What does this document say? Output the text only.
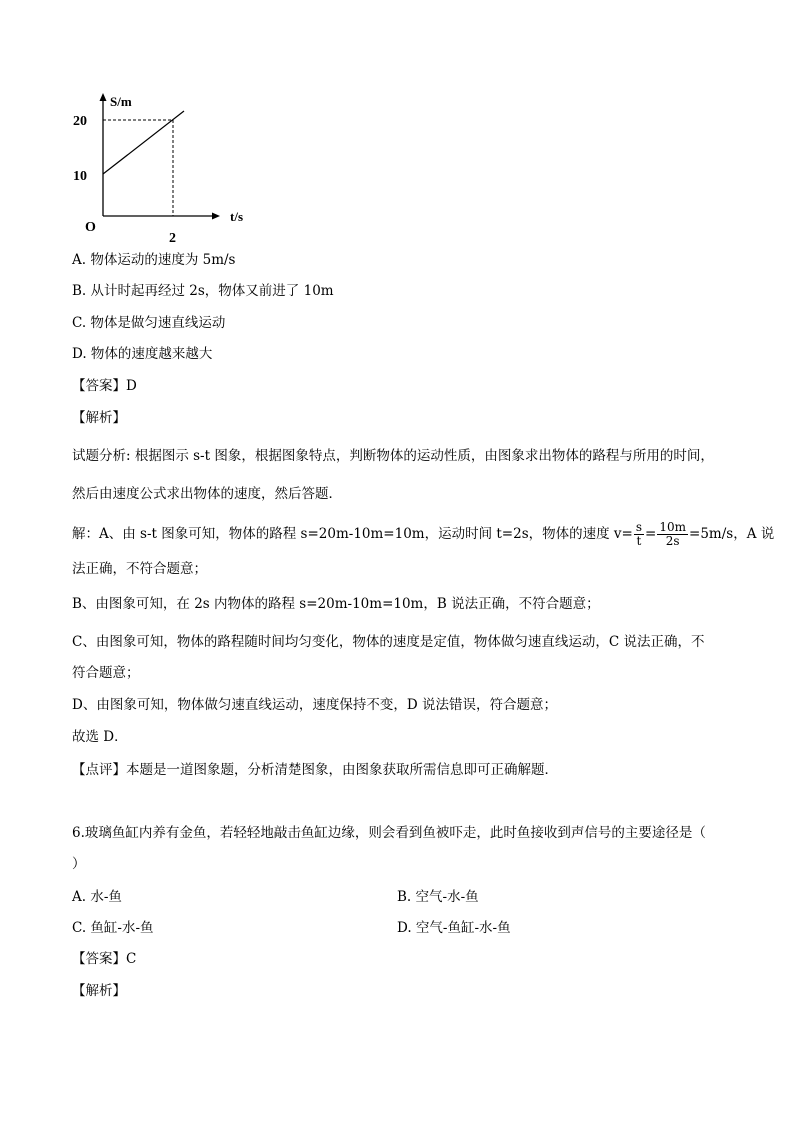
S/m
t/s
O
20
10
2
A. 物体运动的速度为 5m/s
B. 从计时起再经过 2s，物体又前进了 10m
C. 物体是做匀速直线运动
D. 物体的速度越来越大
【答案】D
【解析】
试题分析: 根据图示 s-t 图象，根据图象特点，判断物体的运动性质，由图象求出物体的路程与所用的时间，
然后由速度公式求出物体的速度，然后答题．
解：A、由 s-t 图象可知，物体的路程 s=20m-10m=10m，运动时间 t=2s，物体的速度 $v= \frac{s}{t} = \frac{10m}{2s} =5m/s$，A 说
法正确，不符合题意；
B、由图象可知，在 2s 内物体的路程 s=20m-10m=10m，B 说法正确，不符合题意；
C、由图象可知，物体的路程随时间均匀变化，物体的速度是定值，物体做匀速直线运动，C 说法正确，不
符合题意；
D、由图象可知，物体做匀速直线运动，速度保持不变，D 说法错误，符合题意；
故选 D．
【点评】本题是一道图象题，分析清楚图象，由图象获取所需信息即可正确解题．
6.玻璃鱼缸内养有金鱼，若轻轻地敲击鱼缸边缘，则会看到鱼被吓走，此时鱼接收到声信号的主要途径是（
）
A. 水-鱼	B. 空气-水-鱼
C. 鱼缸-水-鱼	D. 空气-鱼缸-水-鱼
【答案】C
【解析】
